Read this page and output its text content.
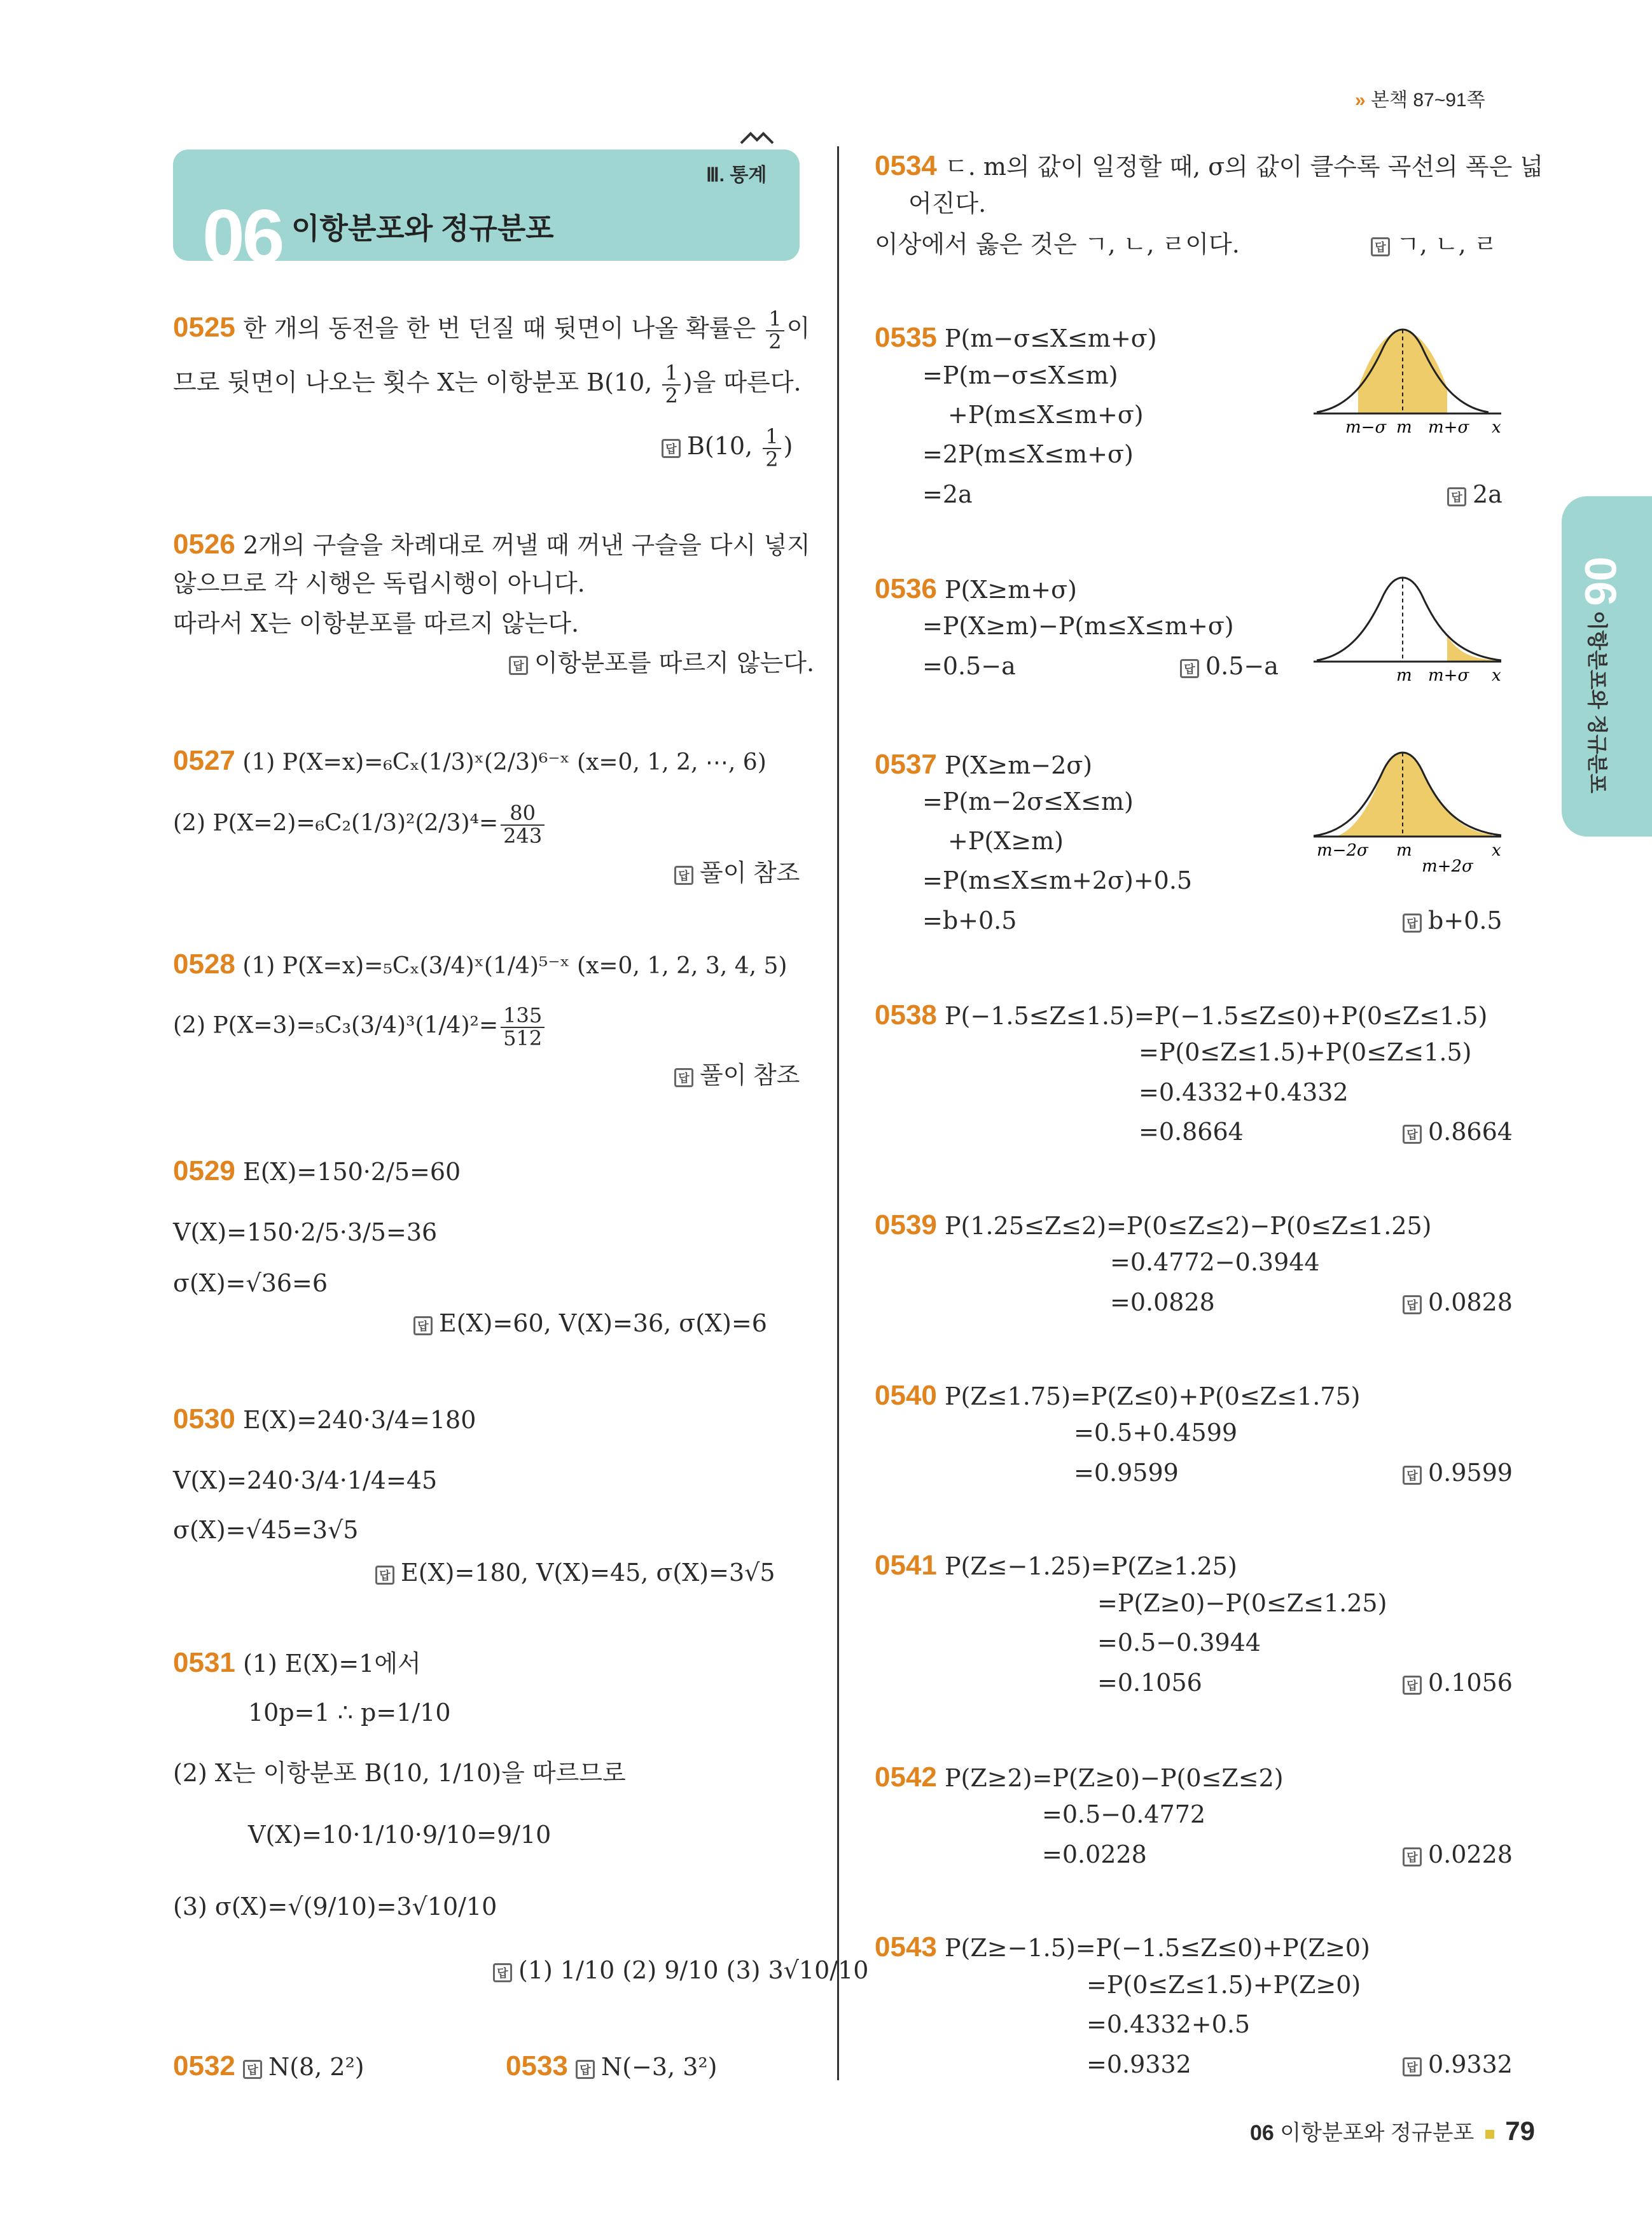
» 본책 87~91쪽
Ⅲ. 통계
06 이항분포와 정규분포
06
이항분포와 정규분포
0525 한 개의 동전을 한 번 던질 때 뒷면이 나올 확률은 $\frac{1}{2}$ 이
므로 뒷면이 나오는 횟수 X는 이항분포 B(10, $\frac{1}{2}$ )을 따른다.
답 B(10, $\frac{1}{2}$ )
0526 2개의 구슬을 차례대로 꺼낼 때 꺼낸 구슬을 다시 넣지
않으므로 각 시행은 독립시행이 아니다.
따라서 X는 이항분포를 따르지 않는다.
답 이항분포를 따르지 않는다.
0527 (1) P(X=x)=₆Cₓ(1/3)ˣ(2/3)⁶⁻ˣ (x=0, 1, 2, ⋯, 6)
(2) $P(X=2)=_6C_2(1/3)^2(2/3)^4= \frac{80}{243}$
답 풀이 참조
0528 (1) P(X=x)=₅Cₓ(3/4)ˣ(1/4)⁵⁻ˣ (x=0, 1, 2, 3, 4, 5)
(2) $P(X=3)=_5C_3(3/4)^3(1/4)^2= \frac{135}{512}$
답 풀이 참조
0529 E(X)=150·2/5=60
V(X)=150·2/5·3/5=36
σ(X)=√36=6
답 E(X)=60, V(X)=36, σ(X)=6
0530 E(X)=240·3/4=180
V(X)=240·3/4·1/4=45
σ(X)=√45=3√5
답 E(X)=180, V(X)=45, σ(X)=3√5
0531 (1) E(X)=1에서
10p=1 ∴ p=1/10
(2) X는 이항분포 B(10, 1/10)을 따르므로
V(X)=10·1/10·9/10=9/10
(3) σ(X)=√(9/10)=3√10/10
답 (1) 1/10 (2) 9/10 (3) 3√10/10
0532 답 N(8, 2²)	0533 답 N(−3, 3²)
0534 ㄷ. m의 값이 일정할 때, σ의 값이 클수록 곡선의 폭은 넓
어진다.
이상에서 옳은 것은 ㄱ, ㄴ, ㄹ이다.	답 ㄱ, ㄴ, ㄹ
0535 P(m−σ≤X≤m+σ)
=P(m−σ≤X≤m)
+P(m≤X≤m+σ)
=2P(m≤X≤m+σ)
=2a	답 2a
m−σ m m+σ x
0536 P(X≥m+σ)
=P(X≥m)−P(m≤X≤m+σ)
=0.5−a	답 0.5−a	m m+σ x
0537 P(X≥m−2σ)
=P(m−2σ≤X≤m)
+P(X≥m)
=P(m≤X≤m+2σ)+0.5
=b+0.5	답 b+0.5
m−2σ m
m+2σ
x
0538 P(−1.5≤Z≤1.5)=P(−1.5≤Z≤0)+P(0≤Z≤1.5)
=P(0≤Z≤1.5)+P(0≤Z≤1.5)
=0.4332+0.4332
=0.8664	답 0.8664
0539 P(1.25≤Z≤2)=P(0≤Z≤2)−P(0≤Z≤1.25)
=0.4772−0.3944
=0.0828	답 0.0828
0540 P(Z≤1.75)=P(Z≤0)+P(0≤Z≤1.75)
=0.5+0.4599
=0.9599	답 0.9599
0541 P(Z≤−1.25)=P(Z≥1.25)
=P(Z≥0)−P(0≤Z≤1.25)
=0.5−0.3944
=0.1056	답 0.1056
0542 P(Z≥2)=P(Z≥0)−P(0≤Z≤2)
=0.5−0.4772
=0.0228	답 0.0228
0543 P(Z≥−1.5)=P(−1.5≤Z≤0)+P(Z≥0)
=P(0≤Z≤1.5)+P(Z≥0)
=0.4332+0.5
=0.9332	답 0.9332
06 이항분포와 정규분포 79
